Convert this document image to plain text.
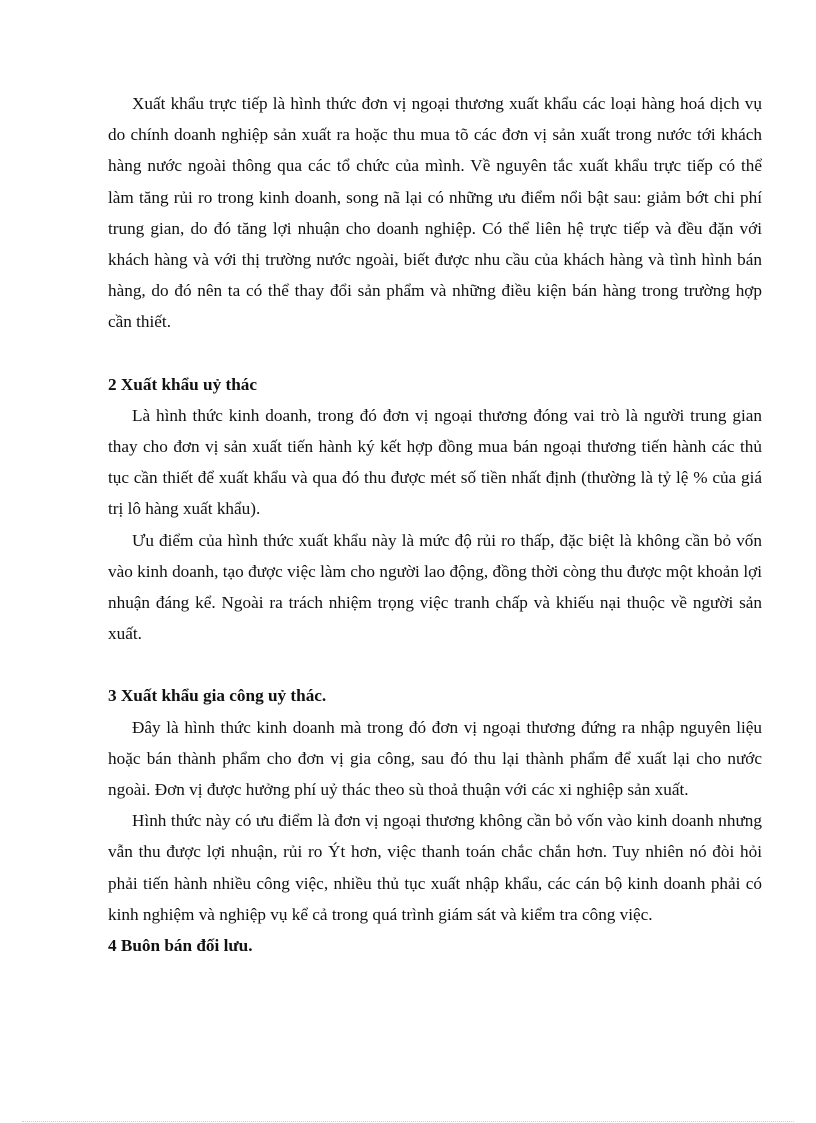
Xuất khẩu trực tiếp là hình thức đơn vị ngoại thương xuất khẩu các loại hàng hoá dịch vụ do chính doanh nghiệp sản xuất ra hoặc thu mua tõ các đơn vị sản xuất trong nước tới khách hàng nước ngoài thông qua các tổ chức của mình. Về nguyên tắc xuất khẩu trực tiếp có thể làm tăng rủi ro trong kinh doanh, song nã lại có những ưu điểm nổi bật sau: giảm bớt chi phí trung gian, do đó tăng lợi nhuận cho doanh nghiệp. Có thể liên hệ trực tiếp và đều đặn với khách hàng và với thị trường nước ngoài, biết được nhu cầu của khách hàng và tình hình bán hàng, do đó nên ta có thể thay đổi sản phẩm và những điều kiện bán hàng trong trường hợp cần thiết.

2 Xuất khẩu uỷ thác

Là hình thức kinh doanh, trong đó đơn vị ngoại thương đóng vai trò là người trung gian thay cho đơn vị sản xuất tiến hành ký kết hợp đồng mua bán ngoại thương tiến hành các thủ tục cần thiết để xuất khẩu và qua đó thu được mét số tiền nhất định (thường là tỷ lệ % của giá trị lô hàng xuất khẩu).

Ưu điểm của hình thức xuất khẩu này là mức độ rủi ro thấp, đặc biệt là không cần bỏ vốn vào kinh doanh, tạo được việc làm cho người lao động, đồng thời còng thu được một khoản lợi nhuận đáng kể. Ngoài ra trách nhiệm trọng việc tranh chấp và khiếu nại thuộc về người sản xuất.

3 Xuất khẩu gia công uỷ thác.

Đây là hình thức kinh doanh mà trong đó đơn vị ngoại thương đứng ra nhập nguyên liệu hoặc bán thành phẩm cho đơn vị gia công, sau đó thu lại thành phẩm để xuất lại cho nước ngoài. Đơn vị được hưởng phí uỷ thác theo sù thoả thuận với các xi nghiệp sản xuất.

Hình thức này có ưu điểm là đơn vị ngoại thương không cần bỏ vốn vào kinh doanh nhưng vẫn thu được lợi nhuận, rủi ro Ýt hơn, việc thanh toán chắc chắn hơn. Tuy nhiên nó đòi hỏi phải tiến hành nhiều công việc, nhiều thủ tục xuất nhập khẩu, các cán bộ kinh doanh phải có kinh nghiệm và nghiệp vụ kể cả trong quá trình giám sát và kiểm tra công việc.

4 Buôn bán đối lưu.
